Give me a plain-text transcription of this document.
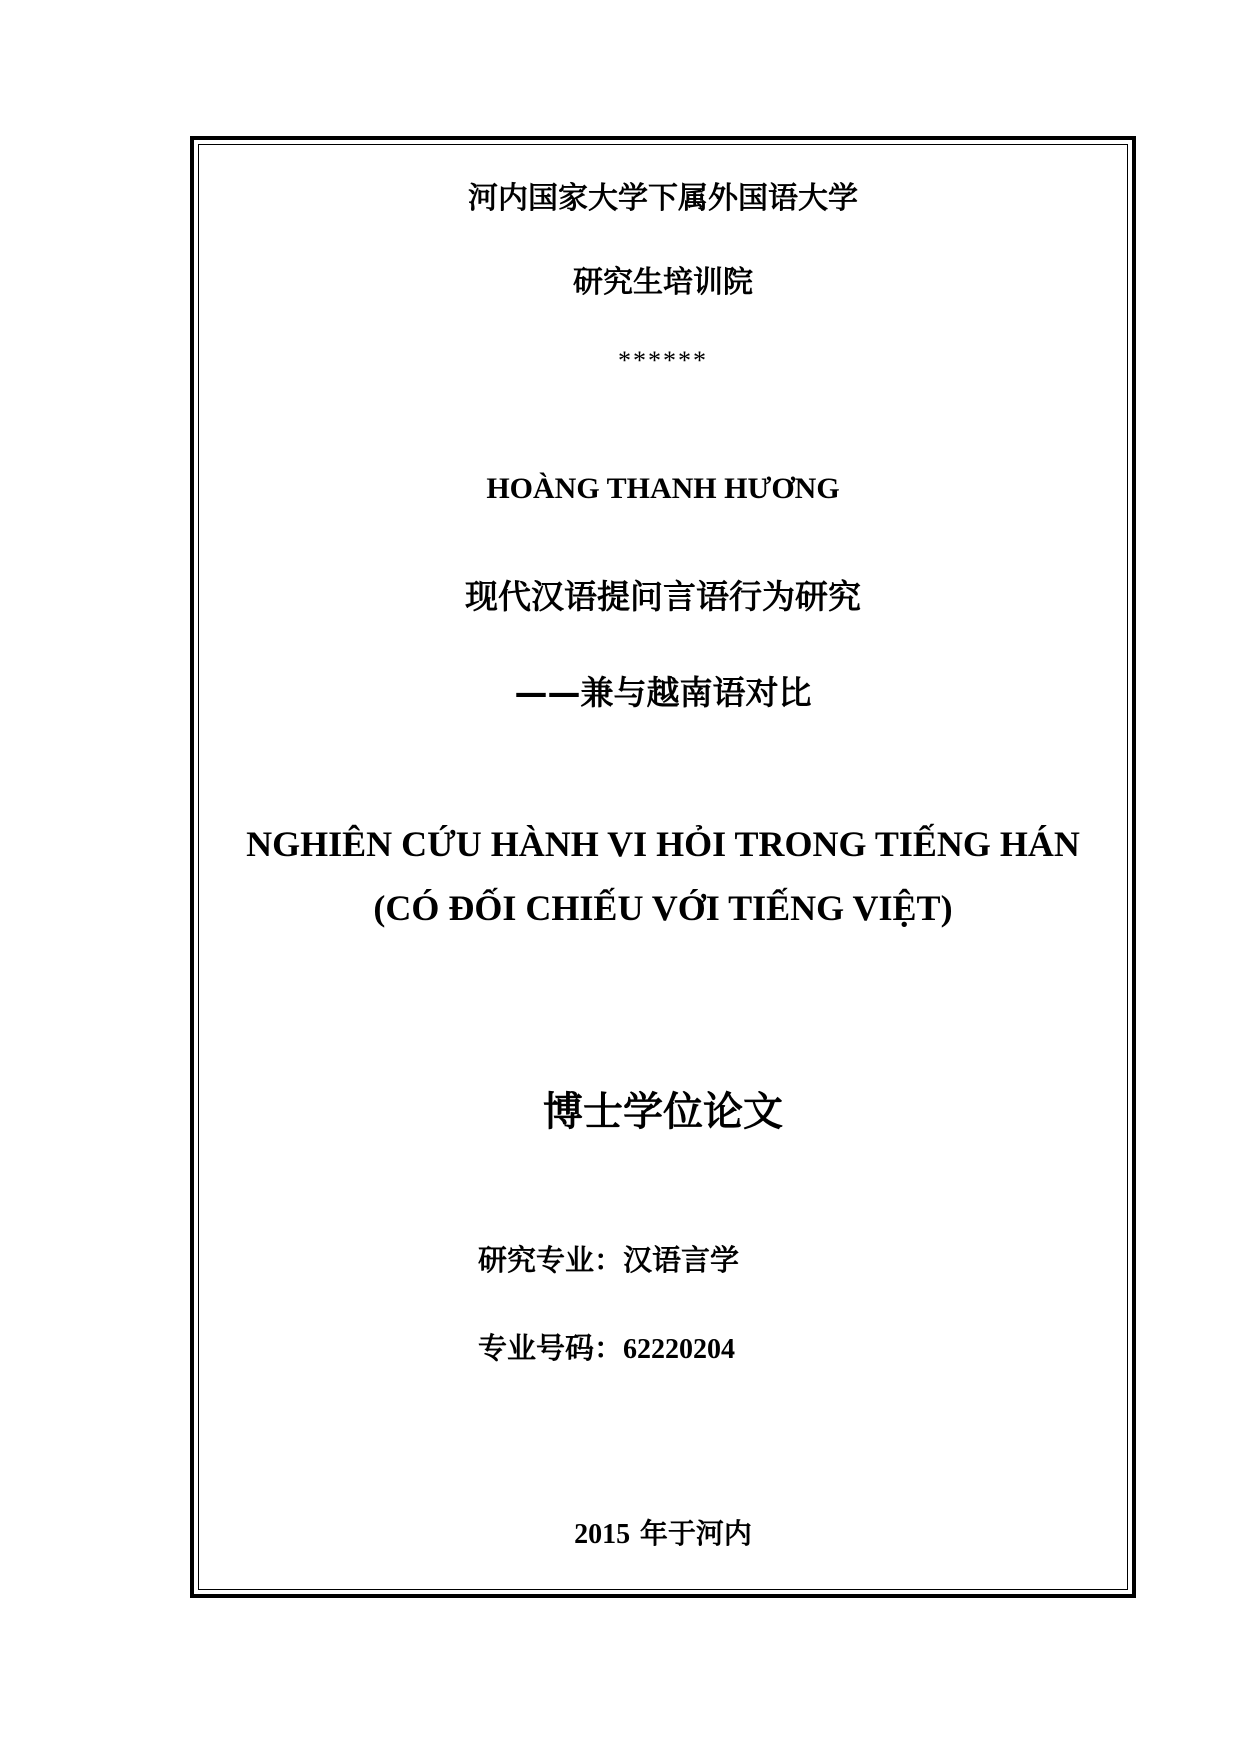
河内国家大学下属外国语大学
研究生培训院
******
HOÀNG THANH HƯƠNG
现代汉语提问言语行为研究
——兼与越南语对比
NGHIÊN CỨU HÀNH VI HỎI TRONG TIẾNG HÁN
(CÓ ĐỐI CHIẾU VỚI TIẾNG VIỆT)
博士学位论文
研究专业：汉语言学
专业号码：62220204
2015 年于河内
